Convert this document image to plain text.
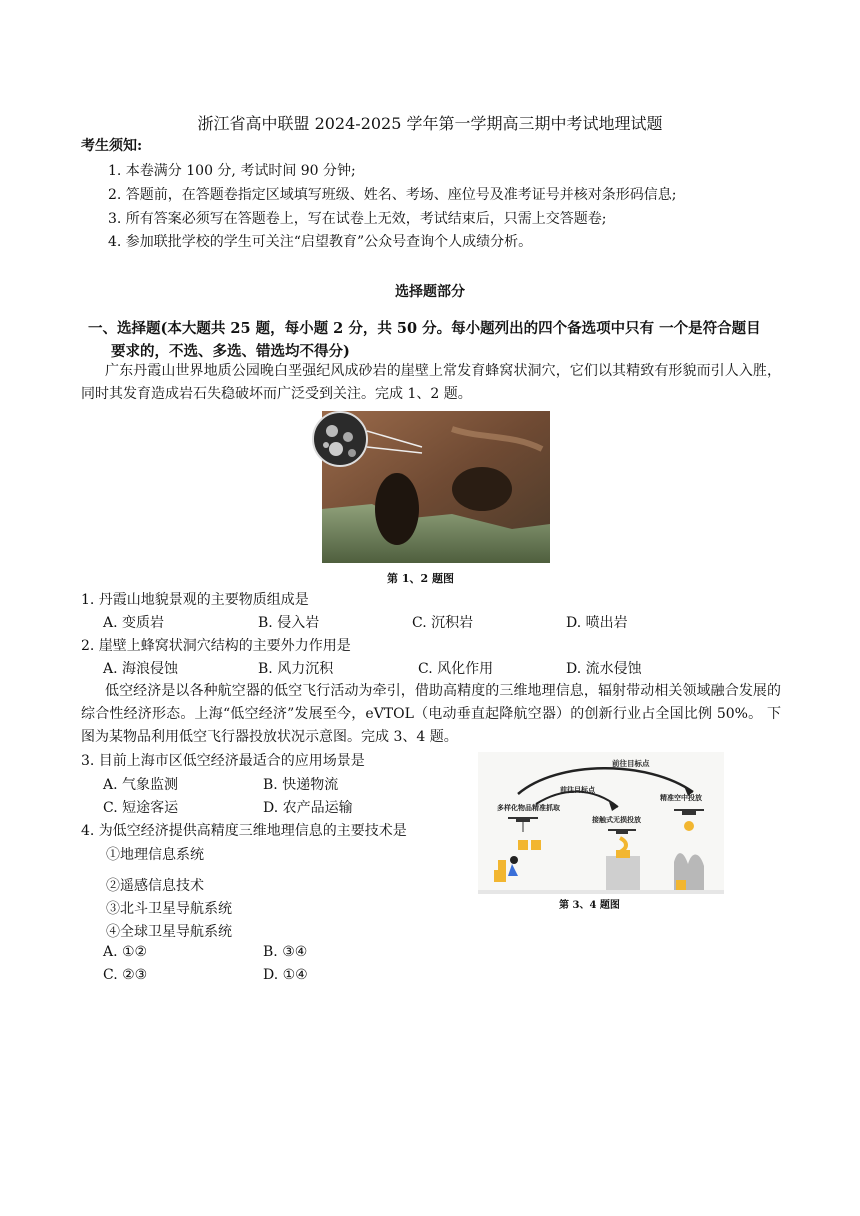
浙江省高中联盟 2024-2025 学年第一学期高三期中考试地理试题
考生须知:
1. 本卷满分 100 分, 考试时间 90 分钟;
2. 答题前，在答题卷指定区域填写班级、姓名、考场、座位号及准考证号并核对条形码信息;
3. 所有答案必须写在答题卷上，写在试卷上无效，考试结束后，只需上交答题卷;
4. 参加联批学校的学生可关注“启望教育”公众号查询个人成绩分析。
选择题部分
一、选择题(本大题共 25 题，每小题 2 分，共 50 分。每小题列出的四个备选项中只有 一个是符合题目
要求的，不选、多选、错选均不得分)
广东丹霞山世界地质公园晚白垩强纪风成砂岩的崖壁上常发育蜂窝状洞穴，它们以其精致有形貌而引人入胜，同时其发育造成岩石失稳破坏而广泛受到关注。完成 1、2 题。
第 1、2 题图
1. 丹霞山地貌景观的主要物质组成是
A. 变质岩	B. 侵入岩	C. 沉积岩	D. 喷出岩
2. 崖壁上蜂窝状洞穴结构的主要外力作用是
A. 海浪侵蚀	B. 风力沉积	C. 风化作用	D. 流水侵蚀
低空经济是以各种航空器的低空飞行活动为牵引，借助高精度的三维地理信息，辐射带动相关领域融合发展的综合性经济形态。上海“低空经济”发展至今，eVTOL（电动垂直起降航空器）的创新行业占全国比例 50%。 下图为某物品利用低空飞行器投放状况示意图。完成 3、4 题。
3. 目前上海市区低空经济最适合的应用场景是
A. 气象监测	B. 快递物流
C. 短途客运	D. 农产品运输
4. 为低空经济提供高精度三维地理信息的主要技术是
①地理信息系统
②遥感信息技术
③北斗卫星导航系统
④全球卫星导航系统
A. ①②	B. ③④
C. ②③	D. ①④
前往目标点
前往目标点
多样化物品精准抓取
接触式无损投放
精准空中投放
第 3、4 题图
